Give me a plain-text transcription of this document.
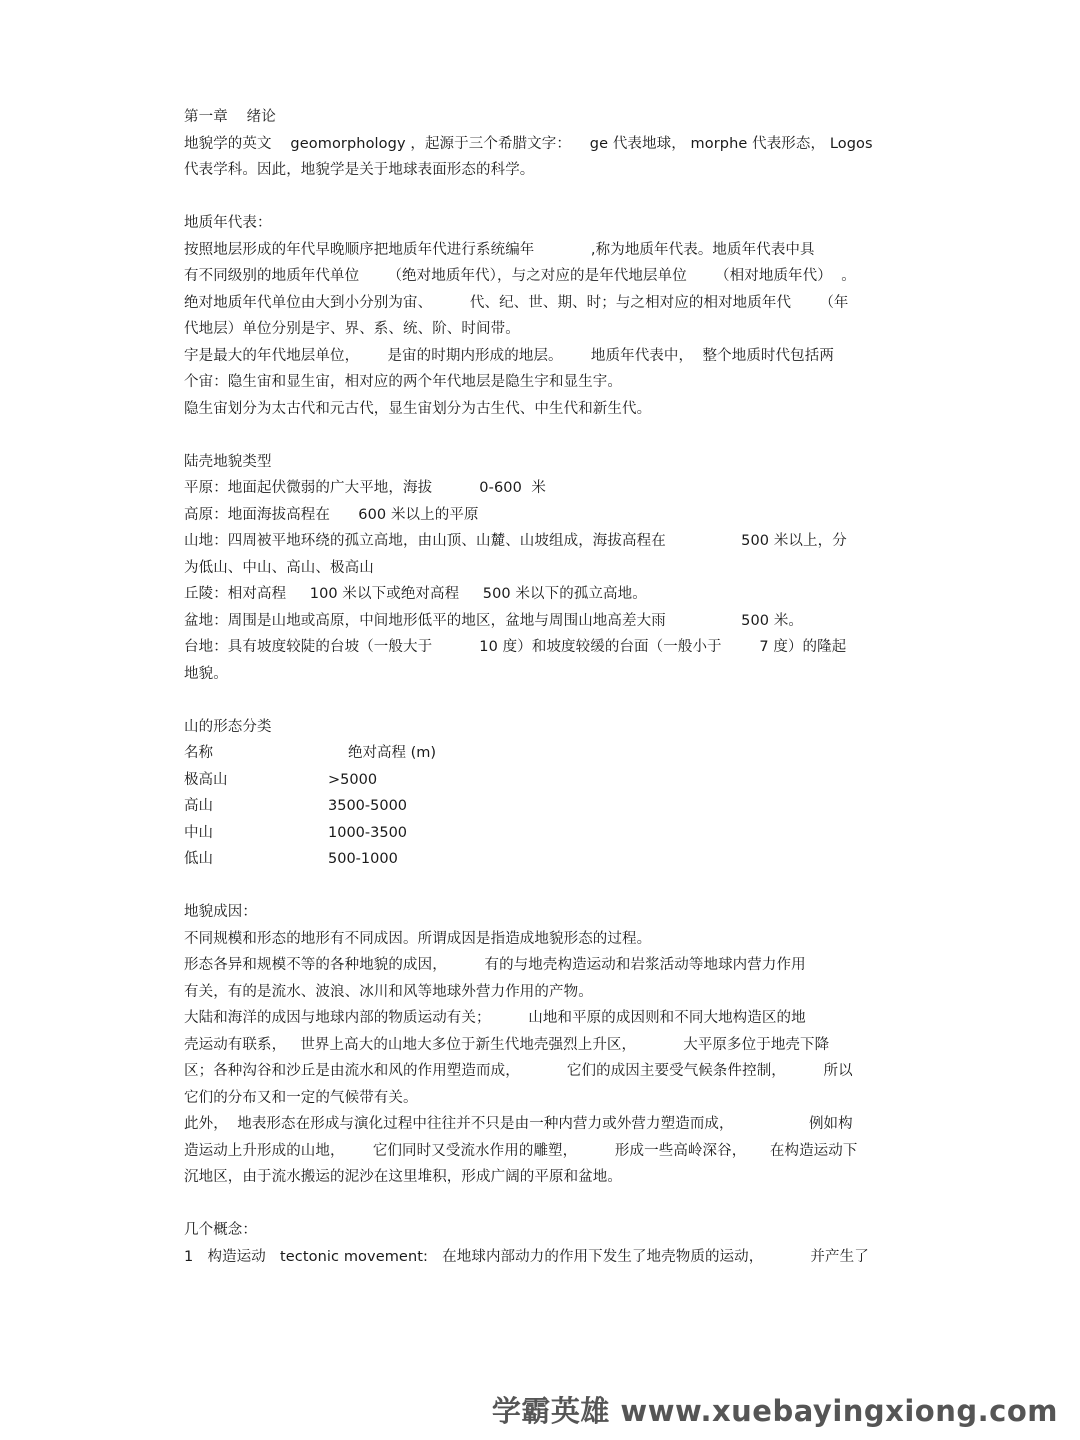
第一章    绪论
地貌学的英文    geomorphology ，起源于三个希腊文字：    ge 代表地球， morphe 代表形态， Logos
代表学科。因此，地貌学是关于地球表面形态的科学。
地质年代表：
按照地层形成的年代早晚顺序把地质年代进行系统编年            ,称为地质年代表。地质年代表中具
有不同级别的地质年代单位      （绝对地质年代），与之对应的是年代地层单位      （相对地质年代）  。
绝对地质年代单位由大到小分别为宙、        代、纪、世、期、时；与之相对应的相对地质年代      （年
代地层）单位分别是宇、界、系、统、阶、时间带。
宇是最大的年代地层单位，      是宙的时期内形成的地层。      地质年代表中，  整个地质时代包括两
个宙：隐生宙和显生宙，相对应的两个年代地层是隐生宇和显生宇。
隐生宙划分为太古代和元古代，显生宙划分为古生代、中生代和新生代。
陆壳地貌类型
平原：地面起伏微弱的广大平地，海拔          0-600  米
高原：地面海拔高程在      600 米以上的平原
山地：四周被平地环绕的孤立高地，由山顶、山麓、山坡组成，海拔高程在                500 米以上，分
为低山、中山、高山、极高山
丘陵：相对高程     100 米以下或绝对高程     500 米以下的孤立高地。
盆地：周围是山地或高原，中间地形低平的地区，盆地与周围山地高差大雨                500 米。
台地：具有坡度较陡的台坡（一般大于          10 度）和坡度较缓的台面（一般小于        7 度）的隆起
地貌。
山的形态分类
名称	绝对高程 (m)
极高山	>5000
高山	3500-5000
中山	1000-3500
低山	500-1000
地貌成因：
不同规模和形态的地形有不同成因。所谓成因是指造成地貌形态的过程。
形态各异和规模不等的各种地貌的成因，        有的与地壳构造运动和岩浆活动等地球内营力作用
有关，有的是流水、波浪、冰川和风等地球外营力作用的产物。
大陆和海洋的成因与地球内部的物质运动有关；        山地和平原的成因则和不同大地构造区的地
壳运动有联系，   世界上高大的山地大多位于新生代地壳强烈上升区，          大平原多位于地壳下降
区；各种沟谷和沙丘是由流水和风的作用塑造而成，          它们的成因主要受气候条件控制，        所以
它们的分布又和一定的气候带有关。
此外，  地表形态在形成与演化过程中往往并不只是由一种内营力或外营力塑造而成，                例如构
造运动上升形成的山地，      它们同时又受流水作用的雕塑，        形成一些高岭深谷，     在构造运动下
沉地区，由于流水搬运的泥沙在这里堆积，形成广阔的平原和盆地。
几个概念：
1   构造运动   tectonic movement:   在地球内部动力的作用下发生了地壳物质的运动，          并产生了
学霸英雄 www.xuebayingxiong.com
